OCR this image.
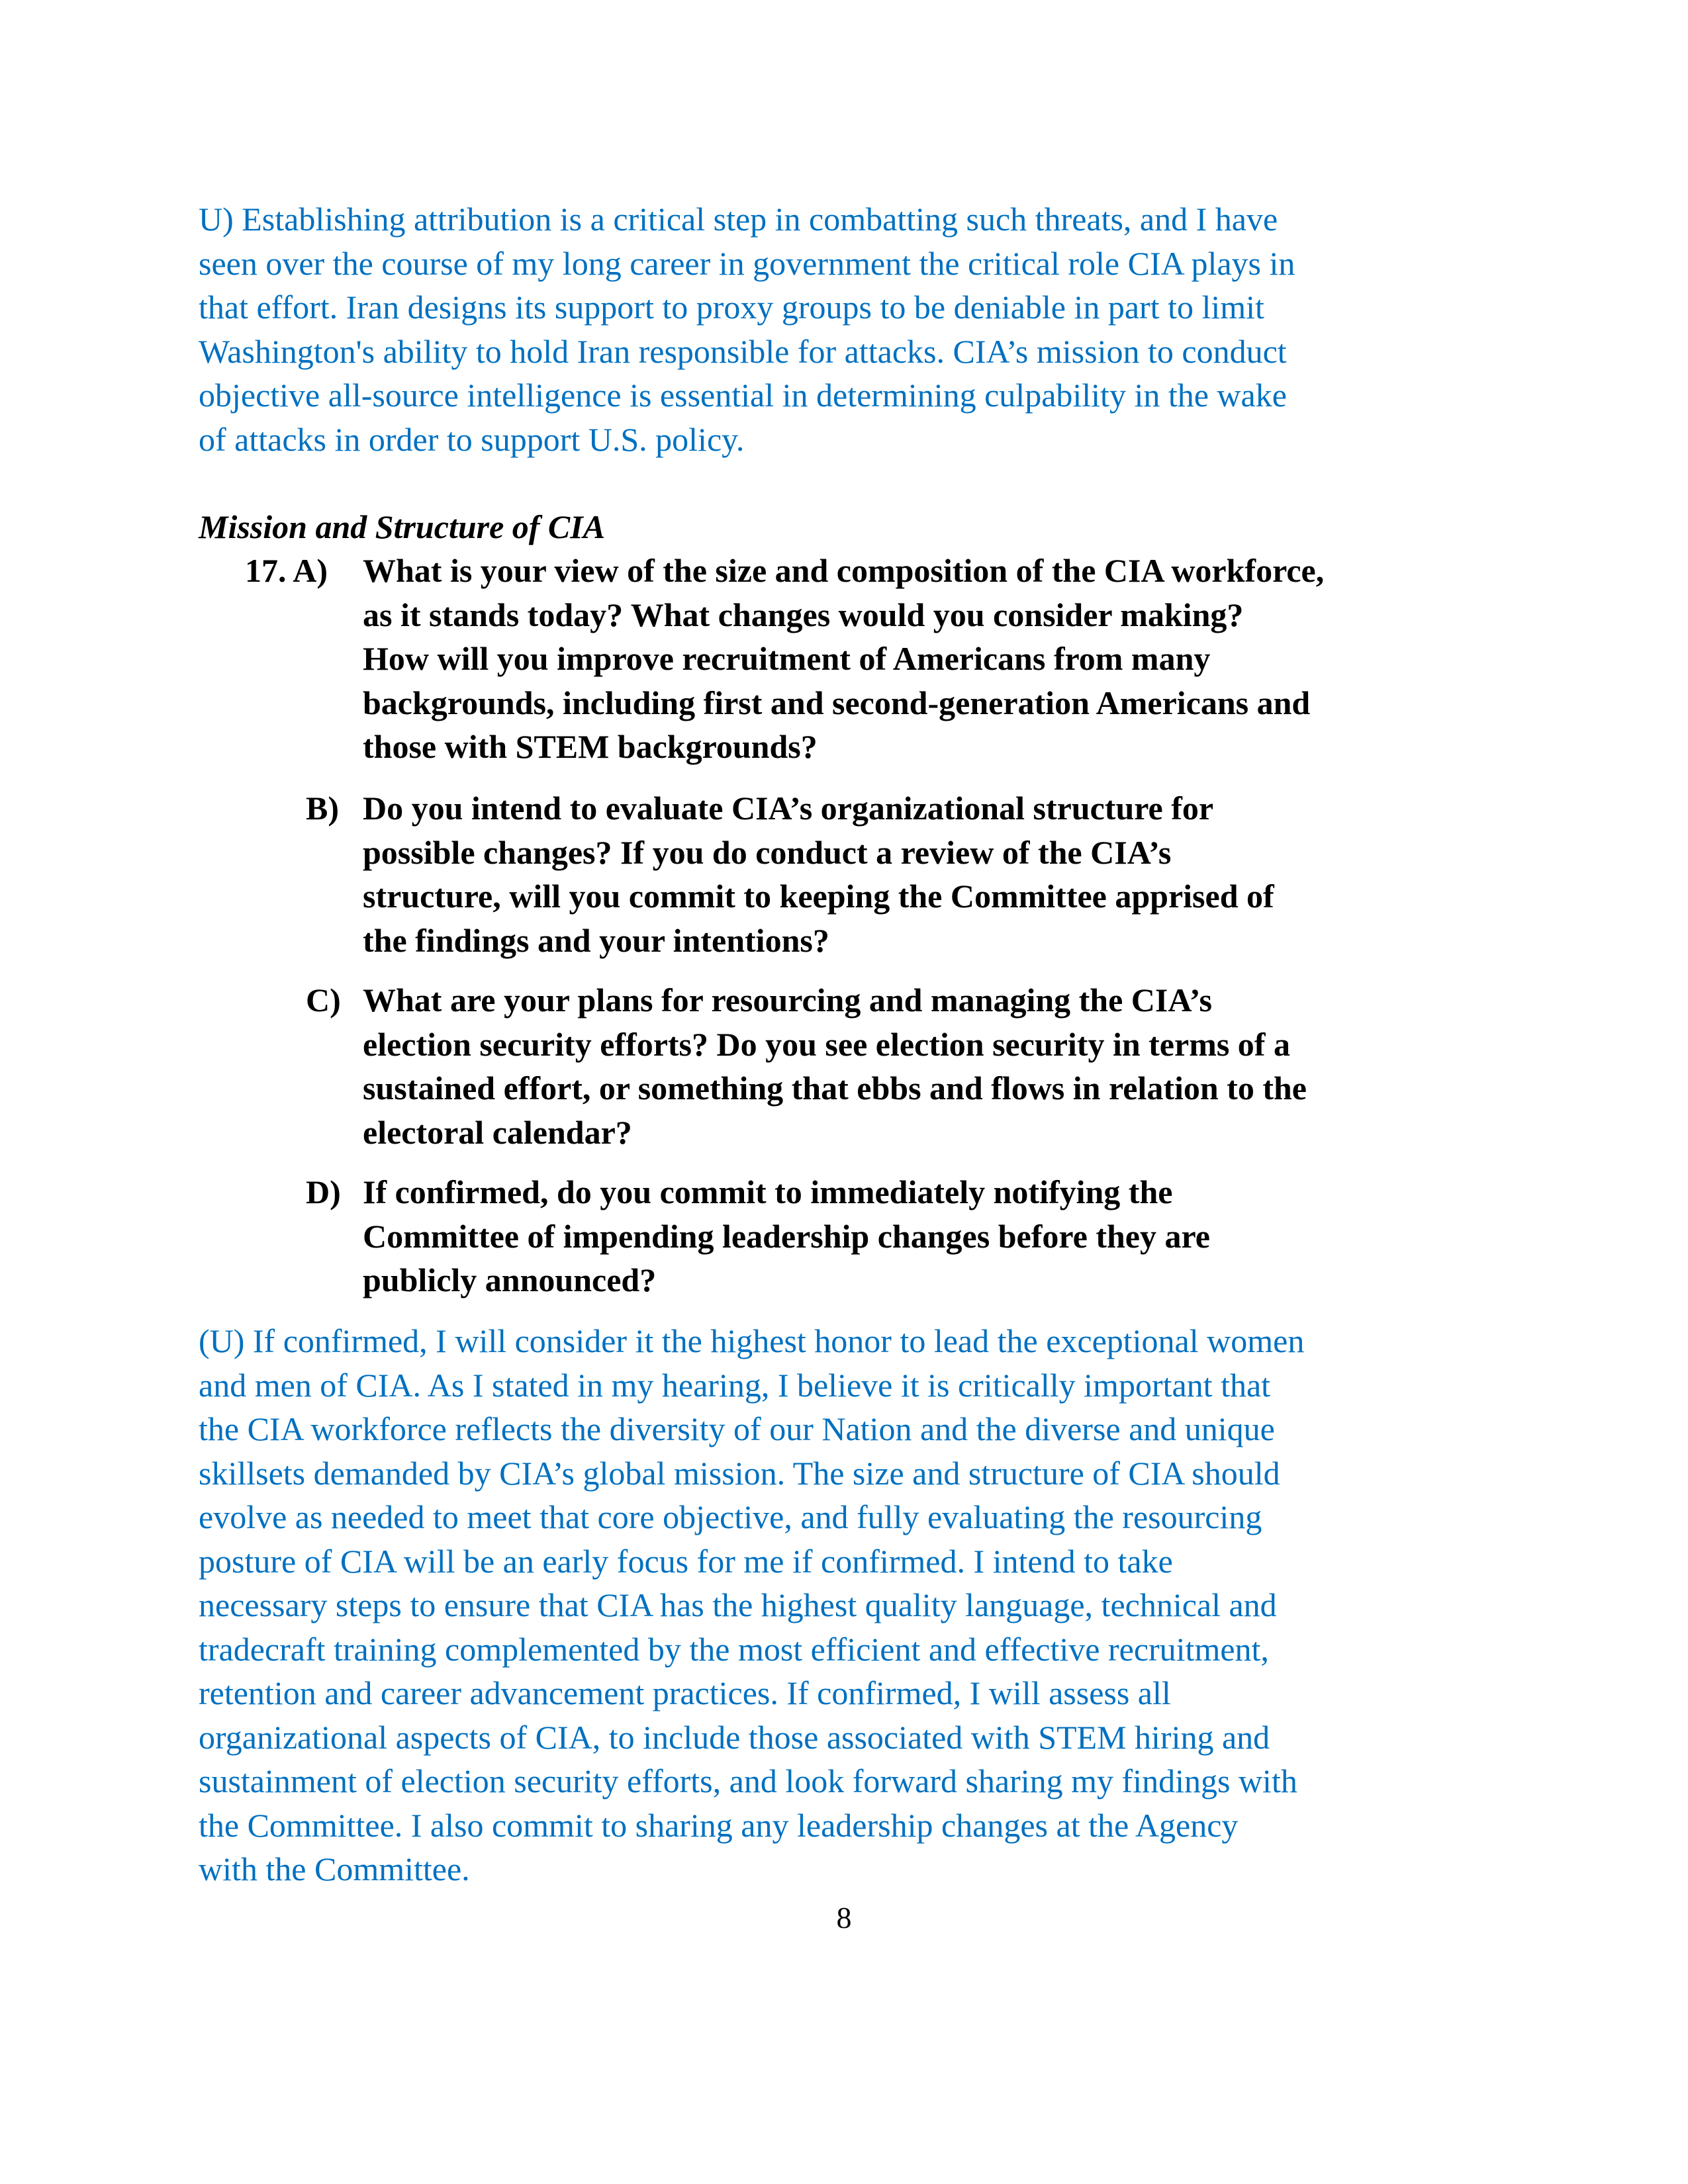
U) Establishing attribution is a critical step in combatting such threats, and I have
seen over the course of my long career in government the critical role CIA plays in
that effort. Iran designs its support to proxy groups to be deniable in part to limit
Washington's ability to hold Iran responsible for attacks. CIA’s mission to conduct
objective all-source intelligence is essential in determining culpability in the wake
of attacks in order to support U.S. policy.
Mission and Structure of CIA
17. A) What is your view of the size and composition of the CIA workforce,
as it stands today? What changes would you consider making?
How will you improve recruitment of Americans from many
backgrounds, including first and second-generation Americans and
those with STEM backgrounds?
B) Do you intend to evaluate CIA’s organizational structure for
possible changes? If you do conduct a review of the CIA’s
structure, will you commit to keeping the Committee apprised of
the findings and your intentions?
C) What are your plans for resourcing and managing the CIA’s
election security efforts? Do you see election security in terms of a
sustained effort, or something that ebbs and flows in relation to the
electoral calendar?
D) If confirmed, do you commit to immediately notifying the
Committee of impending leadership changes before they are
publicly announced?
(U) If confirmed, I will consider it the highest honor to lead the exceptional women
and men of CIA. As I stated in my hearing, I believe it is critically important that
the CIA workforce reflects the diversity of our Nation and the diverse and unique
skillsets demanded by CIA’s global mission. The size and structure of CIA should
evolve as needed to meet that core objective, and fully evaluating the resourcing
posture of CIA will be an early focus for me if confirmed. I intend to take
necessary steps to ensure that CIA has the highest quality language, technical and
tradecraft training complemented by the most efficient and effective recruitment,
retention and career advancement practices. If confirmed, I will assess all
organizational aspects of CIA, to include those associated with STEM hiring and
sustainment of election security efforts, and look forward sharing my findings with
the Committee. I also commit to sharing any leadership changes at the Agency
with the Committee.
8
